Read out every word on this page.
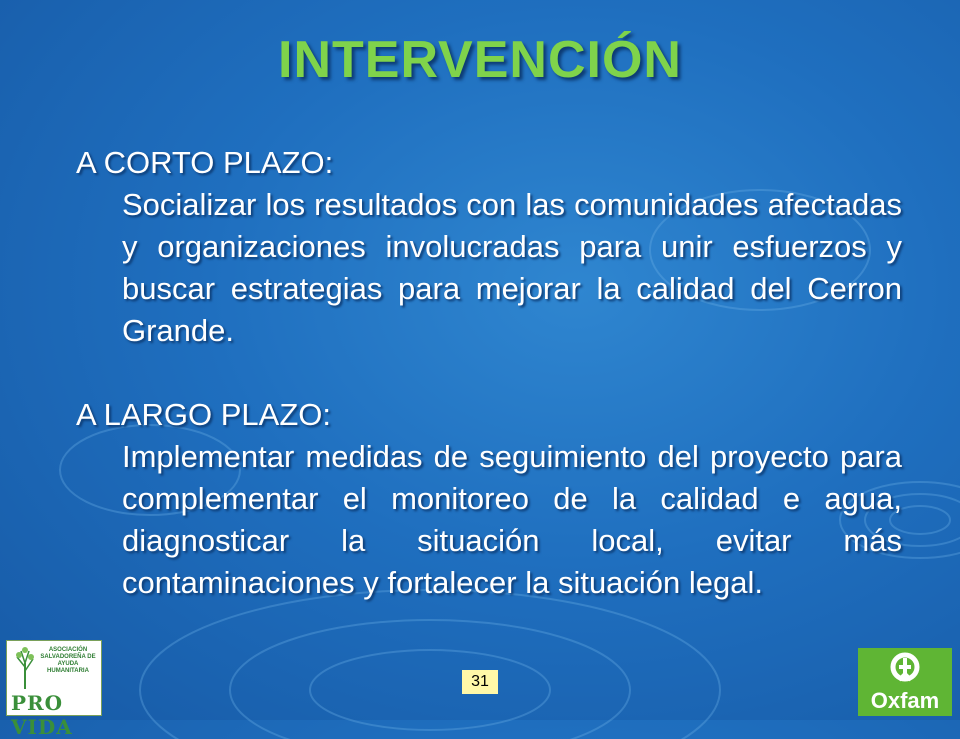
INTERVENCIÓN
A CORTO PLAZO:
Socializar los resultados con las comunidades afectadas y organizaciones involucradas para unir esfuerzos y buscar estrategias para mejorar la calidad del Cerron Grande.
A LARGO PLAZO:
Implementar medidas de seguimiento del proyecto para complementar el monitoreo de la calidad e agua, diagnosticar la situación local, evitar más contaminaciones y fortalecer la situación legal.
31
ASOCIACIÓN SALVADOREÑA DE AYUDA HUMANITARIA
PRO VIDA
Oxfam
